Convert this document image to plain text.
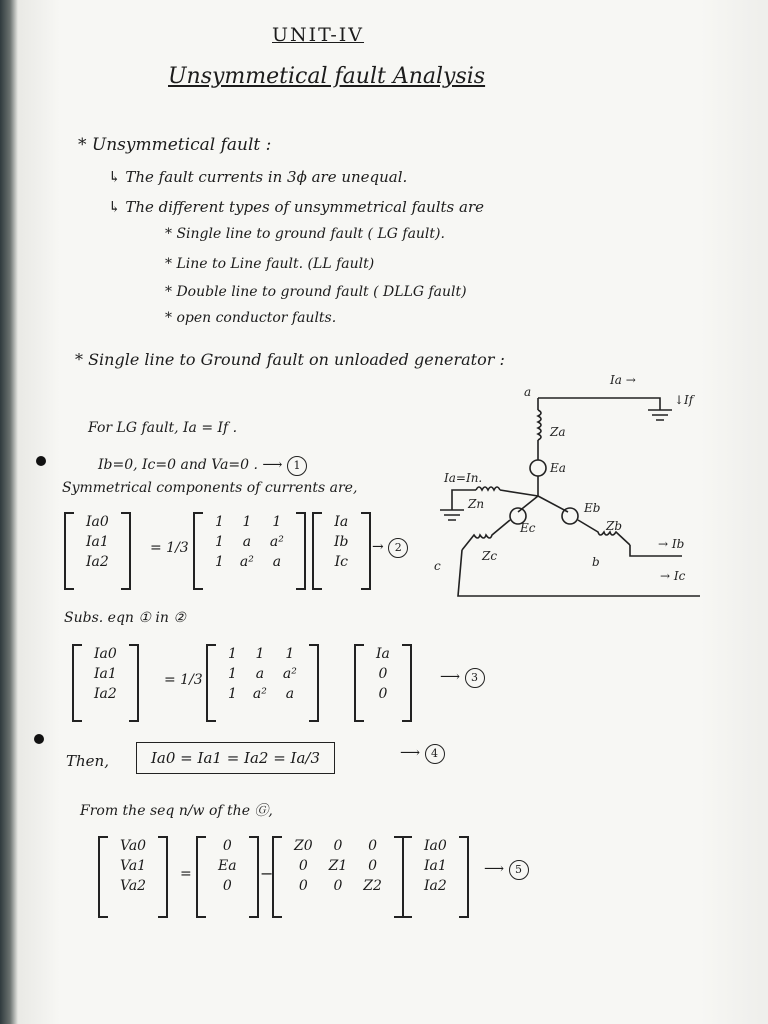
UNIT-IV
Unsymmetical fault Analysis
* Unsymmetical fault :
↳ The fault currents in 3ϕ are unequal.
↳ The different types of unsymmetrical faults are
* Single line to ground fault ( LG fault).
* Line to Line fault. (LL fault)
* Double line to ground fault ( DLLG fault)
* open conductor faults.
* Single line to Ground fault on unloaded generator :
For LG fault, Ia = If .
Ib=0, Ic=0 and Va=0 . ⟶ 1
Symmetrical components of currents are,
Ia0
Ia1
Ia2
= 1/3
1	1	1
1	a	a²
1	a²	a
Ia
Ib
Ic
→ 2
Subs. eqn ① in ②
Ia0
Ia1
Ia2
= 1/3
1	1	1
1	a	a²
1	a²	a
Ia
0
0
⟶ 3
Then,	Ia0 = Ia1 = Ia2 = Ia/3	⟶ 4
From the seq n/w of the Ⓖ,
Va0
Va1
Va2
=
0
Ea
0
−
Z0	0	0
0	Z1	0
0	0	Z2
Ia0
Ia1
Ia2
⟶ 5
a
Za
Ea
Ia →
↓If
Ia=In.
Zn	Eb
Ec	Zb
Zc	b
c
→ Ib
→ Ic
